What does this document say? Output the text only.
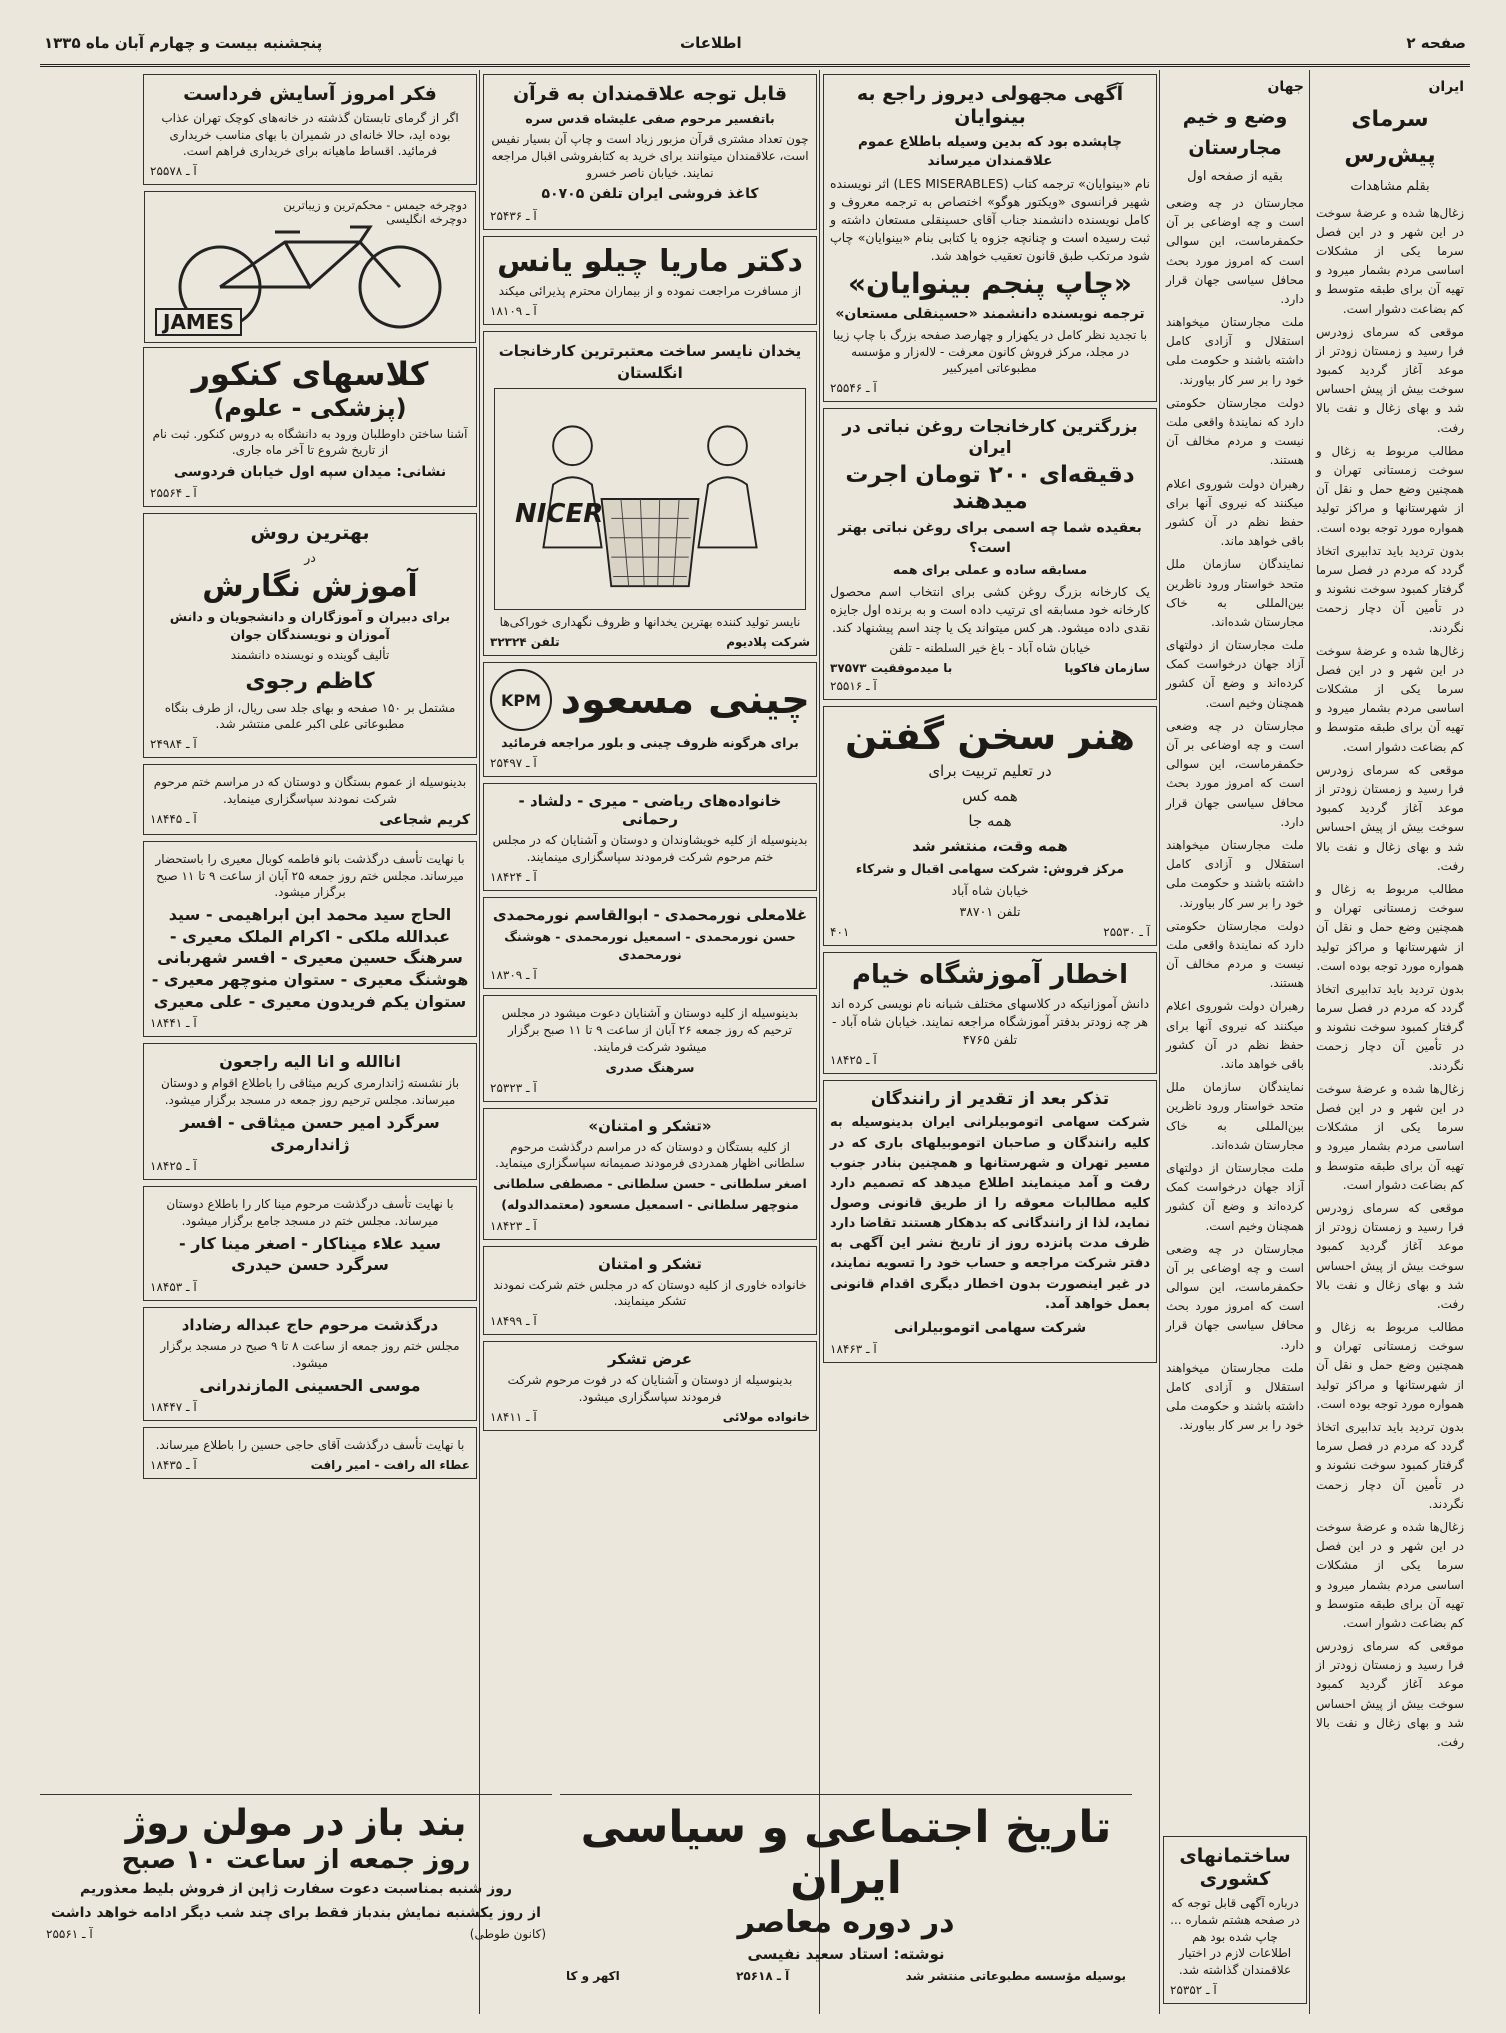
صفحه ۲
اطلاعات
پنجشنبه بیست و چهارم آبان ماه ۱۳۳۵
ایران
سرمای پیش‌رس
بقلم مشاهدات

زغال‌ها شده و عرضهٔ سوخت در این شهر و در این فصل سرما یکی از مشکلات اساسی مردم بشمار میرود و تهیه آن برای طبقه متوسط و کم بضاعت دشوار است.

موقعی که سرمای زودرس فرا رسید و زمستان زودتر از موعد آغاز گردید کمبود سوخت بیش از پیش احساس شد و بهای زغال و نفت بالا رفت.

مطالب مربوط به زغال و سوخت زمستانی تهران و همچنین وضع حمل و نقل آن از شهرستانها و مراکز تولید همواره مورد توجه بوده است.

بدون تردید باید تدابیری اتخاذ گردد که مردم در فصل سرما گرفتار کمبود سوخت نشوند و در تأمین آن دچار زحمت نگردند.

زغال‌ها شده و عرضهٔ سوخت در این شهر و در این فصل سرما یکی از مشکلات اساسی مردم بشمار میرود و تهیه آن برای طبقه متوسط و کم بضاعت دشوار است.

موقعی که سرمای زودرس فرا رسید و زمستان زودتر از موعد آغاز گردید کمبود سوخت بیش از پیش احساس شد و بهای زغال و نفت بالا رفت.

مطالب مربوط به زغال و سوخت زمستانی تهران و همچنین وضع حمل و نقل آن از شهرستانها و مراکز تولید همواره مورد توجه بوده است.

بدون تردید باید تدابیری اتخاذ گردد که مردم در فصل سرما گرفتار کمبود سوخت نشوند و در تأمین آن دچار زحمت نگردند.

زغال‌ها شده و عرضهٔ سوخت در این شهر و در این فصل سرما یکی از مشکلات اساسی مردم بشمار میرود و تهیه آن برای طبقه متوسط و کم بضاعت دشوار است.

موقعی که سرمای زودرس فرا رسید و زمستان زودتر از موعد آغاز گردید کمبود سوخت بیش از پیش احساس شد و بهای زغال و نفت بالا رفت.

مطالب مربوط به زغال و سوخت زمستانی تهران و همچنین وضع حمل و نقل آن از شهرستانها و مراکز تولید همواره مورد توجه بوده است.

بدون تردید باید تدابیری اتخاذ گردد که مردم در فصل سرما گرفتار کمبود سوخت نشوند و در تأمین آن دچار زحمت نگردند.

زغال‌ها شده و عرضهٔ سوخت در این شهر و در این فصل سرما یکی از مشکلات اساسی مردم بشمار میرود و تهیه آن برای طبقه متوسط و کم بضاعت دشوار است.

موقعی که سرمای زودرس فرا رسید و زمستان زودتر از موعد آغاز گردید کمبود سوخت بیش از پیش احساس شد و بهای زغال و نفت بالا رفت.

جهان
وضع و خیم مجارستان
بقیه از صفحه اول

مجارستان در چه وضعی است و چه اوضاعی بر آن حکمفرماست، این سوالی است که امروز مورد بحث محافل سیاسی جهان قرار دارد.

ملت مجارستان میخواهند استقلال و آزادی کامل داشته باشند و حکومت ملی خود را بر سر کار بیاورند.

دولت مجارستان حکومتی دارد که نمایندهٔ واقعی ملت نیست و مردم مخالف آن هستند.

رهبران دولت شوروی اعلام میکنند که نیروی آنها برای حفظ نظم در آن کشور باقی خواهد ماند.

نمایندگان سازمان ملل متحد خواستار ورود ناظرین بین‌المللی به خاک مجارستان شده‌اند.

ملت مجارستان از دولتهای آزاد جهان درخواست کمک کرده‌اند و وضع آن کشور همچنان وخیم است.

مجارستان در چه وضعی است و چه اوضاعی بر آن حکمفرماست، این سوالی است که امروز مورد بحث محافل سیاسی جهان قرار دارد.

ملت مجارستان میخواهند استقلال و آزادی کامل داشته باشند و حکومت ملی خود را بر سر کار بیاورند.

دولت مجارستان حکومتی دارد که نمایندهٔ واقعی ملت نیست و مردم مخالف آن هستند.

رهبران دولت شوروی اعلام میکنند که نیروی آنها برای حفظ نظم در آن کشور باقی خواهد ماند.

نمایندگان سازمان ملل متحد خواستار ورود ناظرین بین‌المللی به خاک مجارستان شده‌اند.

ملت مجارستان از دولتهای آزاد جهان درخواست کمک کرده‌اند و وضع آن کشور همچنان وخیم است.

مجارستان در چه وضعی است و چه اوضاعی بر آن حکمفرماست، این سوالی است که امروز مورد بحث محافل سیاسی جهان قرار دارد.

ملت مجارستان میخواهند استقلال و آزادی کامل داشته باشند و حکومت ملی خود را بر سر کار بیاورند.

ساختمانهای کشوری

درباره آگهی قابل توجه که در صفحه هشتم شماره ... چاپ شده بود هم اطلاعات لازم در اختیار علاقمندان گذاشته شد.

آ ـ ۲۵۳۵۲
آگهی مجهولی دیروز راجع به بینوایان

چاپشده بود که بدین وسیله باطلاع عموم علاقمندان میرساند

نام «بینوایان» ترجمه کتاب (LES MISERABLES) اثر نویسنده شهیر فرانسوی «ویکتور هوگو» اختصاص به ترجمه معروف و کامل نویسنده دانشمند جناب آقای حسینقلی مستعان داشته و ثبت رسیده است و چنانچه جزوه یا کتابی بنام «بینوایان» چاپ شود مرتکب طبق قانون تعقیب خواهد شد.

«چاپ پنجم بینوایان»

ترجمه نویسنده دانشمند «حسینقلی مستعان»

با تجدید نظر کامل در یکهزار و چهارصد صفحه بزرگ با چاپ زیبا در مجلد، مرکز فروش کانون معرفت - لاله‌زار و مؤسسه مطبوعاتی امیرکبیر

آ ـ ۲۵۵۴۶
بزرگترین کارخانجات روغن نباتی در ایران
دقیقه‌ای ۲۰۰ تومان اجرت میدهند

بعقیده شما چه اسمی برای روغن نباتی بهتر است؟

مسابقه ساده و عملی برای همه

یک کارخانه بزرگ روغن کشی برای انتخاب اسم محصول کارخانه خود مسابقه ای ترتیب داده است و به برنده اول جایزه نقدی داده میشود. هر کس میتواند یک یا چند اسم پیشنهاد کند.

خیابان شاه آباد - باغ خیر السلطنه - تلفن

با میدموفقیت ۳۷۵۷۳	سازمان فاکوپا
آ ـ ۲۵۵۱۶
هنر سخن گفتن

در تعلیم تربیت برای

همه کس

همه جا

همه وقت، منتشر شد

مرکز فروش: شرکت سهامی اقبال و شرکاء

خیابان شاه آباد

تلفن ۳۸۷۰۱

۴۰۱	آ ـ ۲۵۵۳۰
اخطار آموزشگاه خیام

دانش آموزانیکه در کلاسهای مختلف شبانه نام نویسی کرده اند هر چه زودتر بدفتر آموزشگاه مراجعه نمایند. خیابان شاه آباد - تلفن ۴۷۶۵

آ ـ ۱۸۴۲۵
تذکر بعد از تقدیر از رانندگان

شرکت سهامی اتوموبیلرانی ایران بدینوسیله به کلیه رانندگان و صاحبان اتوموبیلهای باری که در مسیر تهران و شهرستانها و همچنین بنادر جنوب رفت و آمد مینمایند اطلاع میدهد که تصمیم دارد کلیه مطالبات معوقه را از طریق قانونی وصول نماید، لذا از رانندگانی که بدهکار هستند تقاضا دارد ظرف مدت پانزده روز از تاریخ نشر این آگهی به دفتر شرکت مراجعه و حساب خود را تسویه نمایند، در غیر اینصورت بدون اخطار دیگری اقدام قانونی بعمل خواهد آمد.

شرکت سهامی اتوموبیلرانی

آ ـ ۱۸۴۶۳
قابل توجه علاقمندان به قرآن

باتفسیر مرحوم صفی علیشاه قدس سره

چون تعداد مشتری قرآن مزبور زیاد است و چاپ آن بسیار نفیس است، علاقمندان میتوانند برای خرید به کتابفروشی اقبال مراجعه نمایند. خیابان ناصر خسرو

کاغذ فروشی ایران تلفن ۵۰۷۰۵

آ ـ ۲۵۴۳۶
دکتر ماریا چیلو یانس

از مسافرت مراجعت نموده و از بیماران محترم پذیرائی میکند

آ ـ ۱۸۱۰۹

یخدان نایسر ساخت معتبرترین کارخانجات انگلستان

NICER

نایسر تولید کننده بهترین یخدانها و ظروف نگهداری خوراکی‌ها

تلفن ۳۲۳۲۴	شرکت پلادیوم
چینی مسعود
KPM

برای هرگونه ظروف چینی و بلور مراجعه فرمائید

آ ـ ۲۵۴۹۷
خانواده‌های ریاضی - میری - دلشاد - رحمانی

بدینوسیله از کلیه خویشاوندان و دوستان و آشنایان که در مجلس ختم مرحوم شرکت فرمودند سپاسگزاری مینمایند.

آ ـ ۱۸۴۲۴
غلامعلی نورمحمدی - ابوالقاسم نورمحمدی

حسن نورمحمدی - اسمعیل نورمحمدی - هوشنگ نورمحمدی

آ ـ ۱۸۳۰۹

بدینوسیله از کلیه دوستان و آشنایان دعوت میشود در مجلس ترحیم که روز جمعه ۲۶ آبان از ساعت ۹ تا ۱۱ صبح برگزار میشود شرکت فرمایند.

سرهنگ صدری

آ ـ ۲۵۳۲۳
«تشکر و امتنان»

از کلیه بستگان و دوستان که در مراسم درگذشت مرحوم سلطانی اظهار همدردی فرمودند صمیمانه سپاسگزاری مینماید.

اصغر سلطانی - حسن سلطانی - مصطفی سلطانی

منوچهر سلطانی - اسمعیل مسعود (معتمدالدوله)

آ ـ ۱۸۴۲۳
تشکر و امتنان

خانواده خاوری از کلیه دوستان که در مجلس ختم شرکت نمودند تشکر مینمایند.

آ ـ ۱۸۴۹۹
عرض تشکر

بدینوسیله از دوستان و آشنایان که در فوت مرحوم شرکت فرمودند سپاسگزاری میشود.

آ ـ ۱۸۴۱۱	خانواده مولائی
فکر امروز آسایش فرداست

اگر از گرمای تابستان گذشته در خانه‌های کوچک تهران عذاب بوده اید، حالا خانه‌ای در شمیران با بهای مناسب خریداری فرمائید. اقساط ماهیانه برای خریداری فراهم است.

آ ـ ۲۵۵۷۸
JAMES
دوچرخه جیمس - محکم‌ترین و زیباترین دوچرخه انگلیسی
کلاسهای کنکور
(پزشکی - علوم)

آشنا ساختن داوطلبان ورود به دانشگاه به دروس کنکور. ثبت نام از تاریخ شروع تا آخر ماه جاری.

نشانی: میدان سپه اول خیابان فردوسی

آ ـ ۲۵۵۶۴
بهترین روش

در

آموزش نگارش

برای دبیران و آموزگاران و دانشجویان و دانش آموزان و نویسندگان جوان

تألیف گوینده و نویسنده دانشمند

کاظم رجوی

مشتمل بر ۱۵۰ صفحه و بهای جلد سی ریال، از طرف بنگاه مطبوعاتی علی اکبر علمی منتشر شد.

آ ـ ۲۴۹۸۴

بدینوسیله از عموم بستگان و دوستان که در مراسم ختم مرحوم شرکت نمودند سپاسگزاری مینماید.

آ ـ ۱۸۴۴۵	کریم شجاعی

با نهایت تأسف درگذشت بانو فاطمه کوبال معیری را باستحضار میرساند. مجلس ختم روز جمعه ۲۵ آبان از ساعت ۹ تا ۱۱ صبح برگزار میشود.

الحاج سید محمد ابن ابراهیمی - سید عبدالله ملکی - اکرام الملک معیری - سرهنگ حسین معیری - افسر شهربانی هوشنگ معیری - ستوان منوچهر معیری - ستوان یکم فریدون معیری - علی معیری
آ ـ ۱۸۴۴۱
اناالله و انا الیه راجعون

باز نشسته ژاندارمری کریم میثاقی را باطلاع اقوام و دوستان میرساند. مجلس ترحیم روز جمعه در مسجد برگزار میشود.

سرگرد امیر حسن میثاقی - افسر ژاندارمری
آ ـ ۱۸۴۲۵

با نهایت تأسف درگذشت مرحوم مینا کار را باطلاع دوستان میرساند. مجلس ختم در مسجد جامع برگزار میشود.

سید علاء میناکار - اصغر مینا کار - سرگرد حسن حیدری
آ ـ ۱۸۴۵۳
درگذشت مرحوم حاج عبداله رضاداد

مجلس ختم روز جمعه از ساعت ۸ تا ۹ صبح در مسجد برگزار میشود.

موسی الحسینی المازندرانی
آ ـ ۱۸۴۴۷

با نهایت تأسف درگذشت آقای حاجی حسین را باطلاع میرساند.

آ ـ ۱۸۴۳۵	عطاء اله رافت - امیر رافت
بند باز در مولن روژ
روز جمعه از ساعت ۱۰ صبح

روز شنبه بمناسبت دعوت سفارت ژاپن از فروش بلیط معذوریم

از روز یکشنبه نمایش بندباز فقط برای چند شب دیگر ادامه خواهد داشت

آ ـ ۲۵۵۶۱	(کانون طوطی)
تاریخ اجتماعی و سیاسی ایران
در دوره معاصر

نوشته: استاد سعید نفیسی

اکهر و کا	آ ـ ۲۵۶۱۸	بوسیله مؤسسه مطبوعاتی منتشر شد
